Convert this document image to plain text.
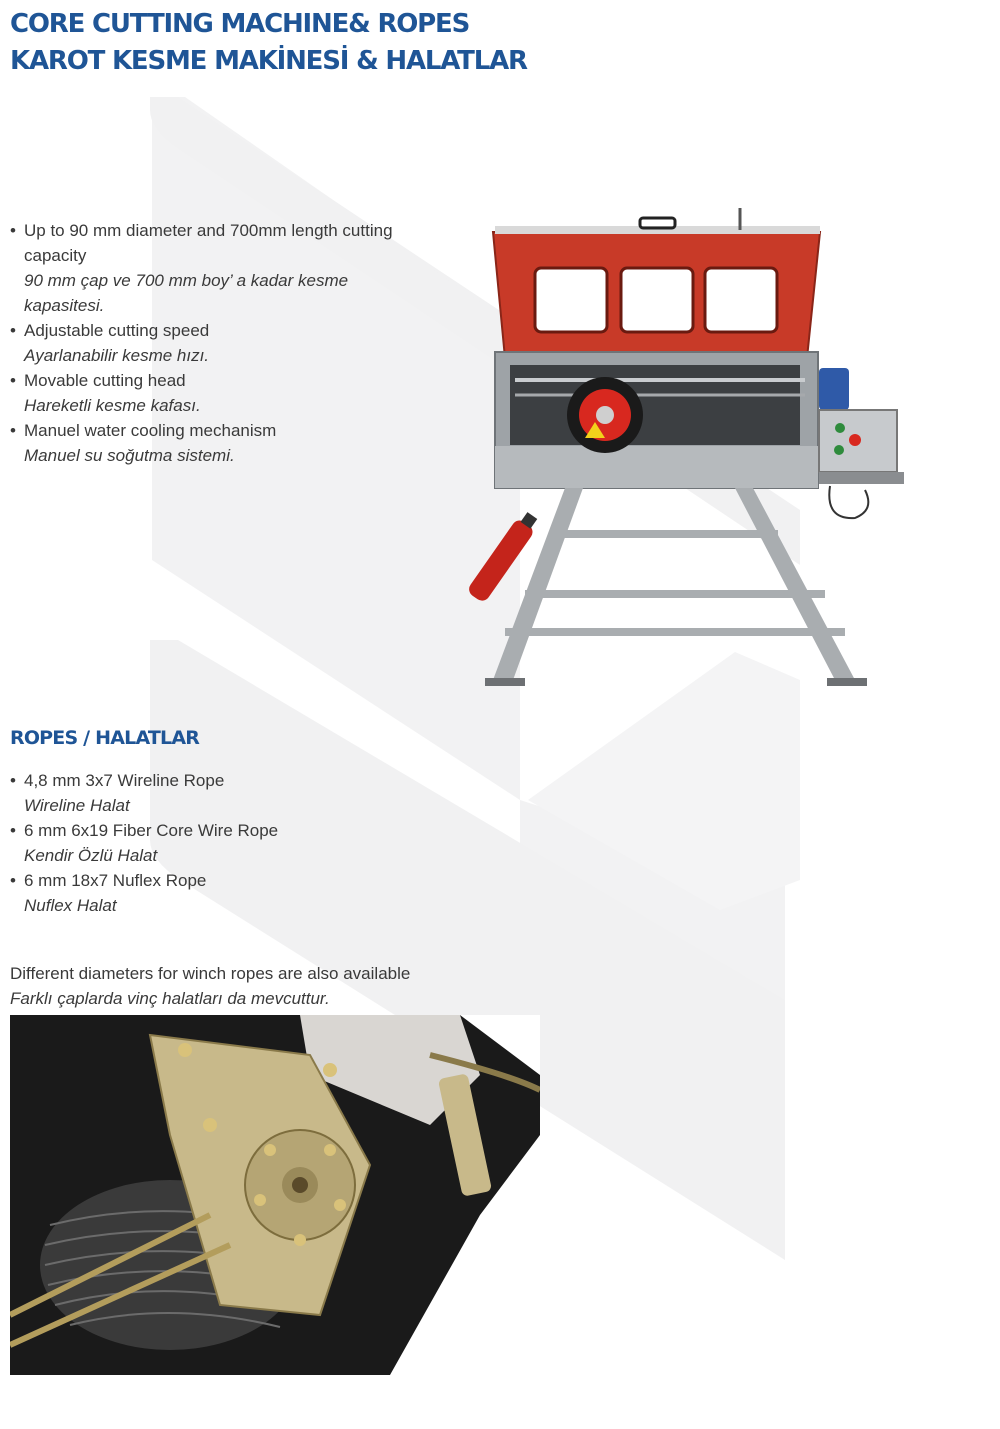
CORE CUTTING MACHINE& ROPES
KAROT KESME MAKİNESİ & HALATLAR
• Up to 90 mm diameter and 700mm length cutting capacity
90 mm çap ve 700 mm boy’ a kadar kesme kapasitesi.
• Adjustable cutting speed
Ayarlanabilir kesme hızı.
• Movable cutting head
Hareketli kesme kafası.
• Manuel water cooling mechanism
Manuel su soğutma sistemi.
ROPES / HALATLAR
• 4,8 mm 3x7 Wireline Rope
Wireline Halat
• 6 mm 6x19 Fiber Core Wire Rope
Kendir Özlü Halat
• 6 mm 18x7 Nuflex Rope
Nuflex Halat

Different diameters for winch ropes are also available
Farklı çaplarda vinç halatları da mevcuttur.
